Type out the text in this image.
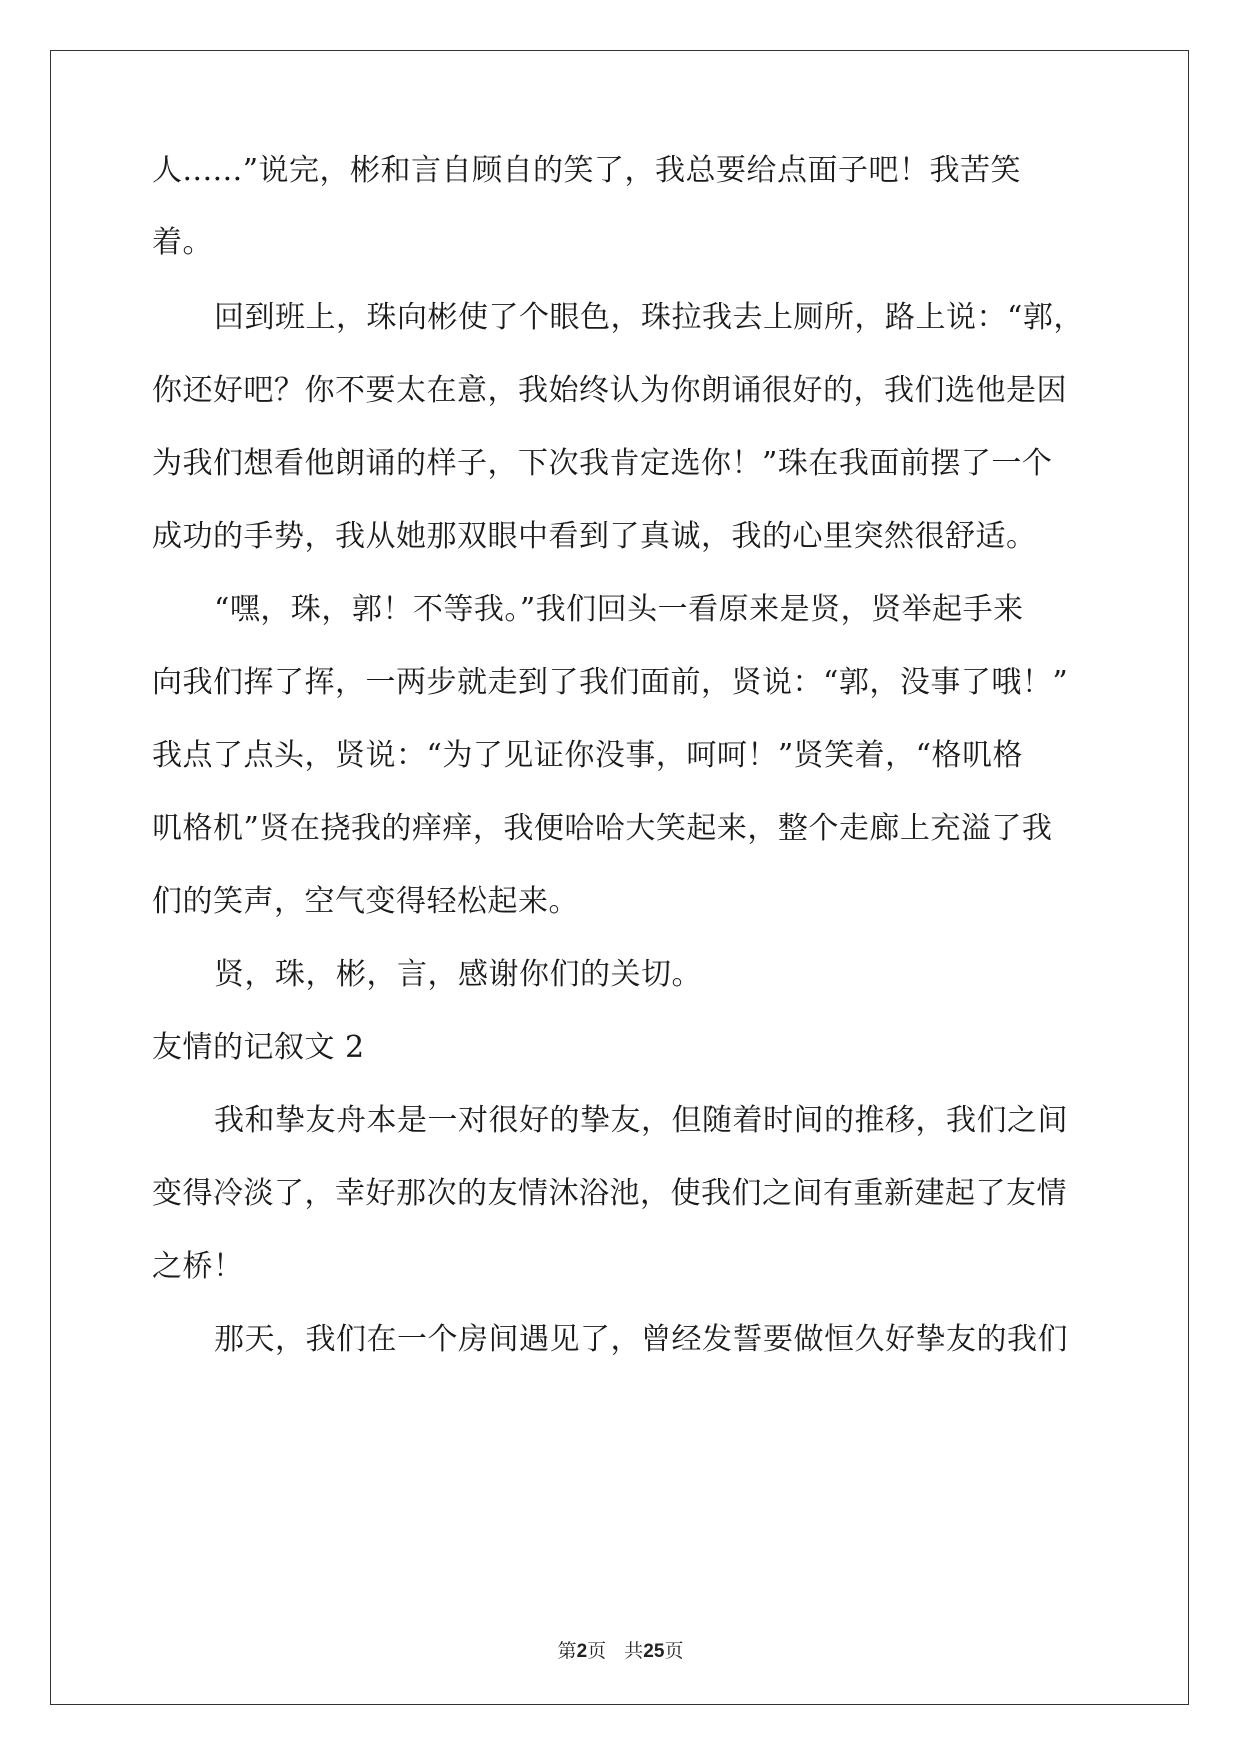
人......”说完，彬和言自顾自的笑了，我总要给点面子吧！我苦笑
着。
回到班上，珠向彬使了个眼色，珠拉我去上厕所，路上说：“郭，
你还好吧？你不要太在意，我始终认为你朗诵很好的，我们选他是因
为我们想看他朗诵的样子，下次我肯定选你！”珠在我面前摆了一个
成功的手势，我从她那双眼中看到了真诚，我的心里突然很舒适。
“嘿，珠，郭！不等我。”我们回头一看原来是贤，贤举起手来
向我们挥了挥，一两步就走到了我们面前，贤说：“郭，没事了哦！”
我点了点头，贤说：“为了见证你没事，呵呵！”贤笑着，“格叽格
叽格机”贤在挠我的痒痒，我便哈哈大笑起来，整个走廊上充溢了我
们的笑声，空气变得轻松起来。
贤，珠，彬，言，感谢你们的关切。
友情的记叙文 2
我和挚友舟本是一对很好的挚友，但随着时间的推移，我们之间
变得冷淡了，幸好那次的友情沐浴池，使我们之间有重新建起了友情
之桥！
那天，我们在一个房间遇见了，曾经发誓要做恒久好挚友的我们
第2页 共25页
